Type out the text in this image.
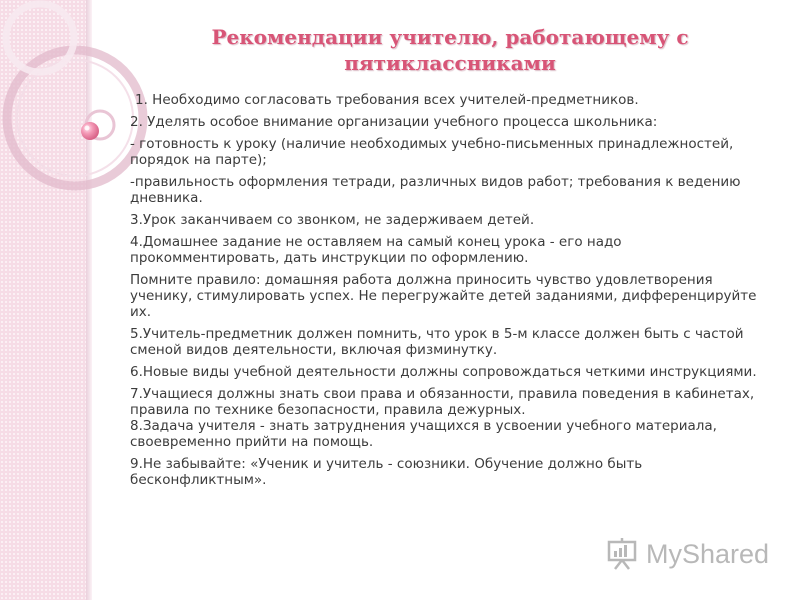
Рекомендации учителю, работающему с пятиклассниками

1. Необходимо согласовать требования всех учителей-предметников.

2. Уделять особое внимание организации учебного процесса школьника:

- готовность к уроку (наличие необходимых учебно-письменных принадлежностей, порядок на парте);

-правильность оформления тетради, различных видов работ; требования к ведению дневника.

3.Урок заканчиваем со звонком, не задерживаем детей.

4.Домашнее задание не оставляем на самый конец урока - его надо прокомментировать, дать инструкции по оформлению.

Помните правило: домашняя работа должна приносить чувство удовлетворения ученику, стимулировать успех. Не перегружайте детей заданиями, дифференцируйте их.

5.Учитель-предметник должен помнить, что урок в 5-м классе должен быть с частой сменой видов деятельности, включая физминутку.

6.Новые виды учебной деятельности должны сопровождаться четкими инструкциями.

7.Учащиеся должны знать свои права и обязанности, правила поведения в кабинетах, правила по технике безопасности, правила дежурных.

8.Задача учителя - знать затруднения учащихся в усвоении учебного материала, своевременно прийти на помощь.

9.Не забывайте: «Ученик и учитель - союзники. Обучение должно быть бесконфликтным».

MyShared
